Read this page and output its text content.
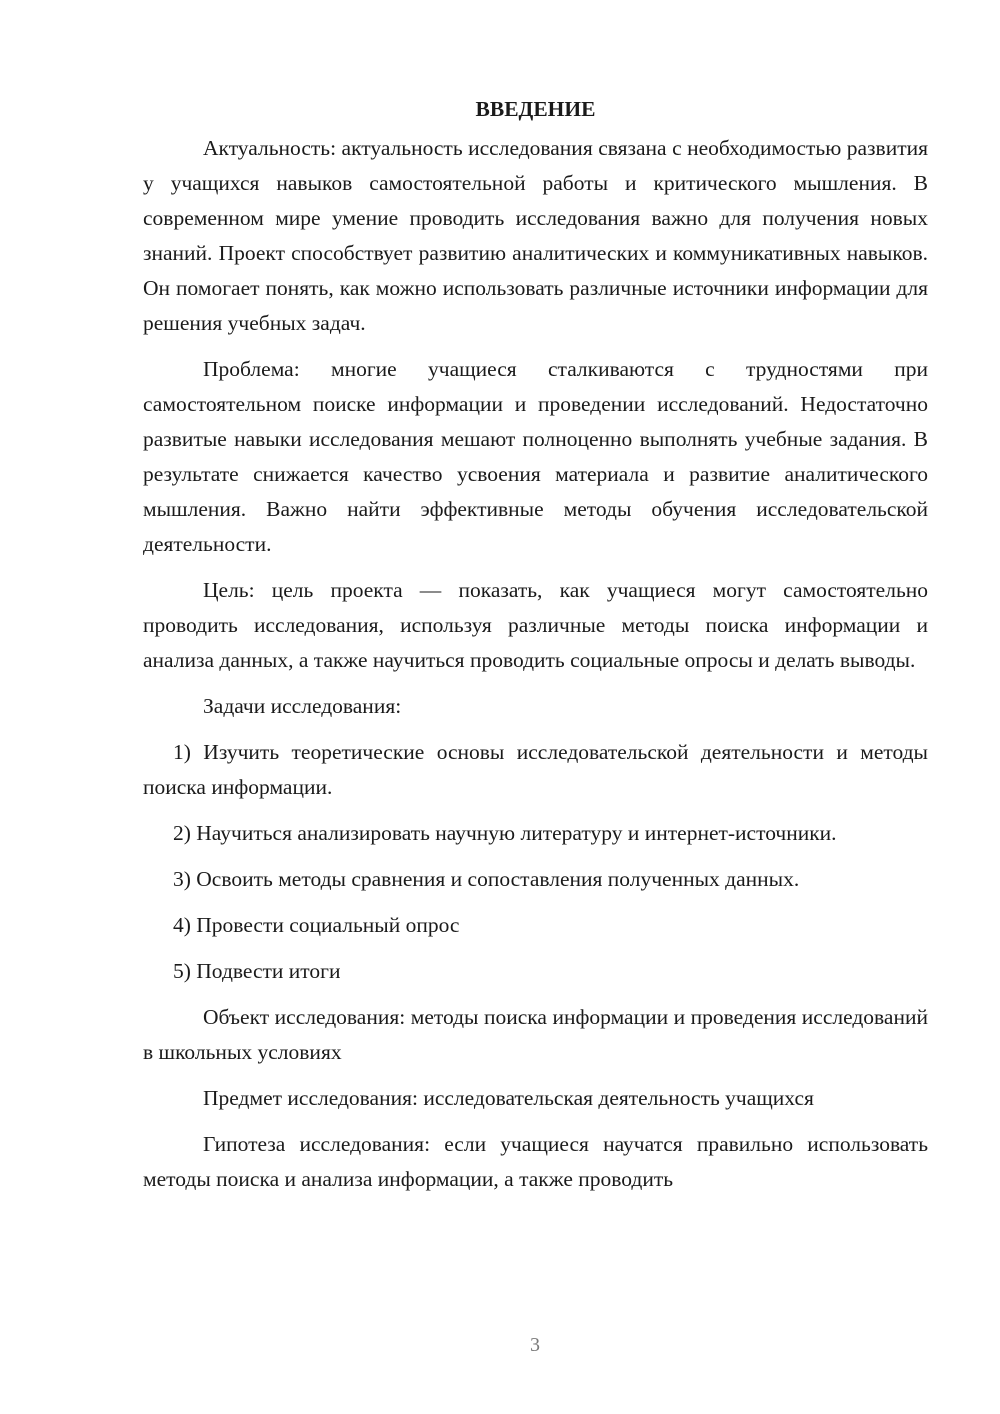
ВВЕДЕНИЕ

Актуальность: актуальность исследования связана с необходимостью развития у учащихся навыков самостоятельной работы и критического мышления. В современном мире умение проводить исследования важно для получения новых знаний. Проект способствует развитию аналитических и коммуникативных навыков. Он помогает понять, как можно использовать различные источники информации для решения учебных задач.

Проблема: многие учащиеся сталкиваются с трудностями при самостоятельном поиске информации и проведении исследований. Недостаточно развитые навыки исследования мешают полноценно выполнять учебные задания. В результате снижается качество усвоения материала и развитие аналитического мышления. Важно найти эффективные методы обучения исследовательской деятельности.

Цель: цель проекта — показать, как учащиеся могут самостоятельно проводить исследования, используя различные методы поиска информации и анализа данных, а также научиться проводить социальные опросы и делать выводы.

Задачи исследования:

1) Изучить теоретические основы исследовательской деятельности и методы поиска информации.

2) Научиться анализировать научную литературу и интернет-источники.

3) Освоить методы сравнения и сопоставления полученных данных.

4) Провести социальный опрос

5) Подвести итоги

Объект исследования: методы поиска информации и проведения исследований в школьных условиях

Предмет исследования: исследовательская деятельность учащихся

Гипотеза исследования: если учащиеся научатся правильно использовать методы поиска и анализа информации, а также проводить

3
